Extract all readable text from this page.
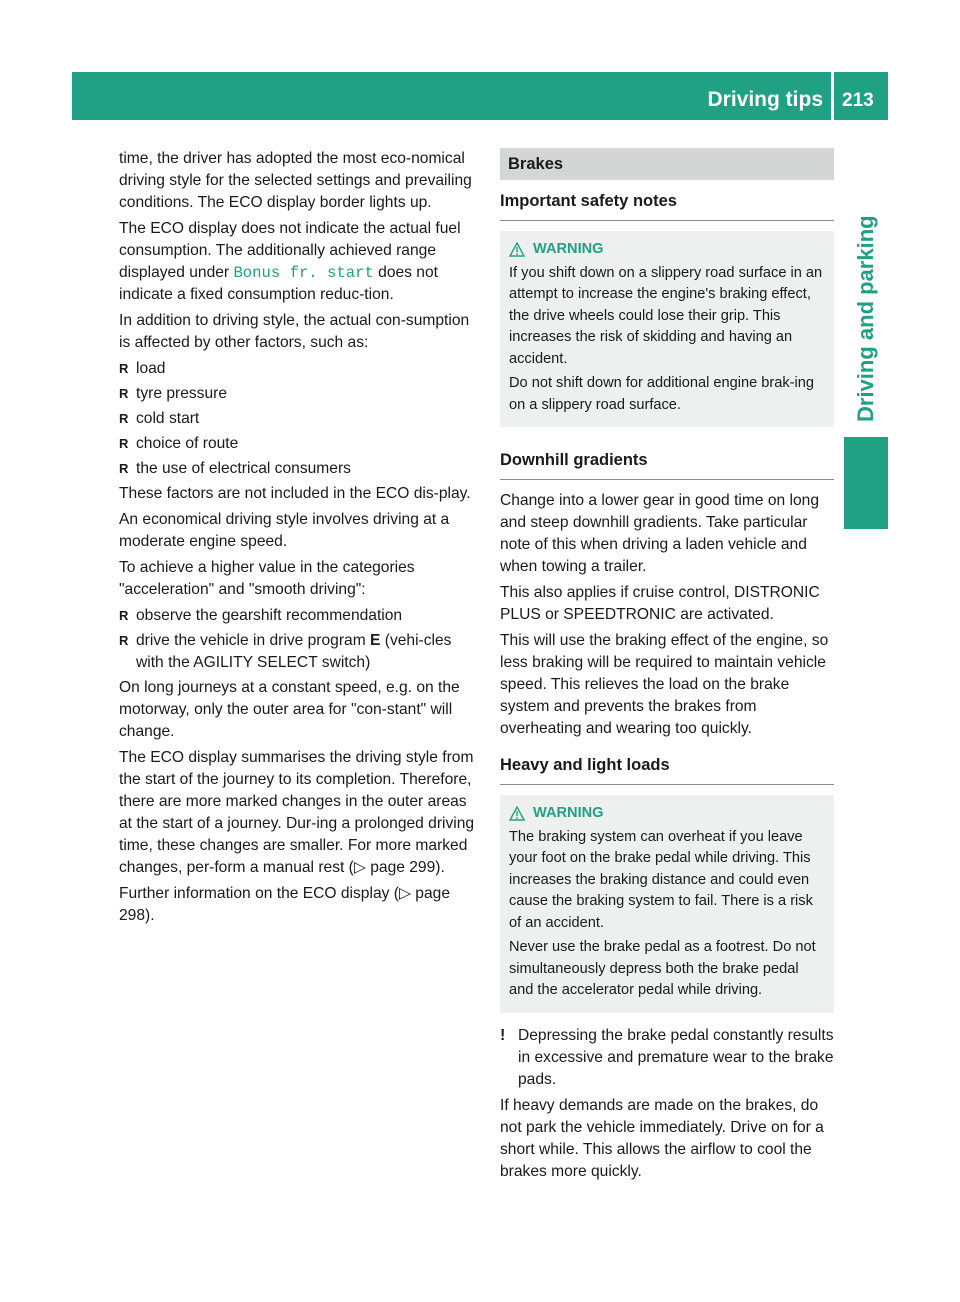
Driving tips	213
Driving and parking

time, the driver has adopted the most eco-nomical driving style for the selected settings and prevailing conditions. The ECO display border lights up.

The ECO display does not indicate the actual fuel consumption. The additionally achieved range displayed under Bonus fr. start does not indicate a fixed consumption reduc-tion.

In addition to driving style, the actual con-sumption is affected by other factors, such as:

R load
R tyre pressure
R cold start
R choice of route
R the use of electrical consumers

These factors are not included in the ECO dis-play.

An economical driving style involves driving at a moderate engine speed.

To achieve a higher value in the categories "acceleration" and "smooth driving":

R observe the gearshift recommendation
R drive the vehicle in drive program E (vehi-cles with the AGILITY SELECT switch)

On long journeys at a constant speed, e.g. on the motorway, only the outer area for "con-stant" will change.

The ECO display summarises the driving style from the start of the journey to its completion. Therefore, there are more marked changes in the outer areas at the start of a journey. Dur-ing a prolonged driving time, these changes are smaller. For more marked changes, per-form a manual rest (▷ page 299).

Further information on the ECO display (▷ page 298).

Brakes
Important safety notes
WARNING

If you shift down on a slippery road surface in an attempt to increase the engine's braking effect, the drive wheels could lose their grip. This increases the risk of skidding and having an accident.

Do not shift down for additional engine brak-ing on a slippery road surface.

Downhill gradients

Change into a lower gear in good time on long and steep downhill gradients. Take particular note of this when driving a laden vehicle and when towing a trailer.

This also applies if cruise control, DISTRONIC PLUS or SPEEDTRONIC are activated.

This will use the braking effect of the engine, so less braking will be required to maintain vehicle speed. This relieves the load on the brake system and prevents the brakes from overheating and wearing too quickly.

Heavy and light loads
WARNING

The braking system can overheat if you leave your foot on the brake pedal while driving. This increases the braking distance and could even cause the braking system to fail. There is a risk of an accident.

Never use the brake pedal as a footrest. Do not simultaneously depress both the brake pedal and the accelerator pedal while driving.

! Depressing the brake pedal constantly results in excessive and premature wear to the brake pads.

If heavy demands are made on the brakes, do not park the vehicle immediately. Drive on for a short while. This allows the airflow to cool the brakes more quickly.
